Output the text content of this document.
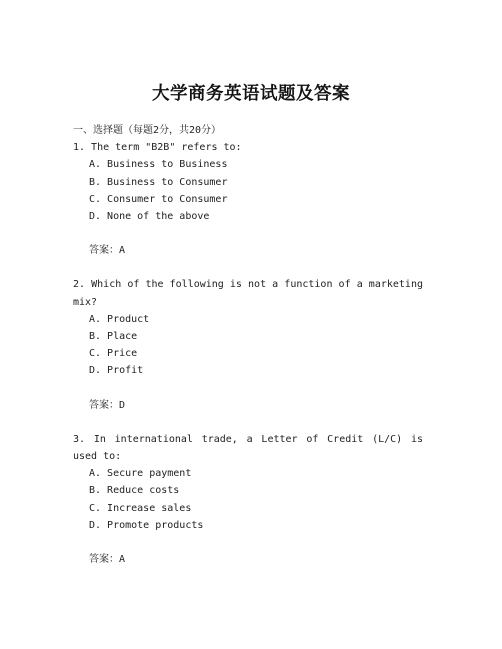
大学商务英语试题及答案
一、选择题（每题2分，共20分）
1. The term "B2B" refers to:
A. Business to Business
B. Business to Consumer
C. Consumer to Consumer
D. None of the above
答案：A
2. Which of the following is not a function of a marketing mix?
A. Product
B. Place
C. Price
D. Profit
答案：D
3. In international trade, a Letter of Credit (L/C) is used to:
A. Secure payment
B. Reduce costs
C. Increase sales
D. Promote products
答案：A
